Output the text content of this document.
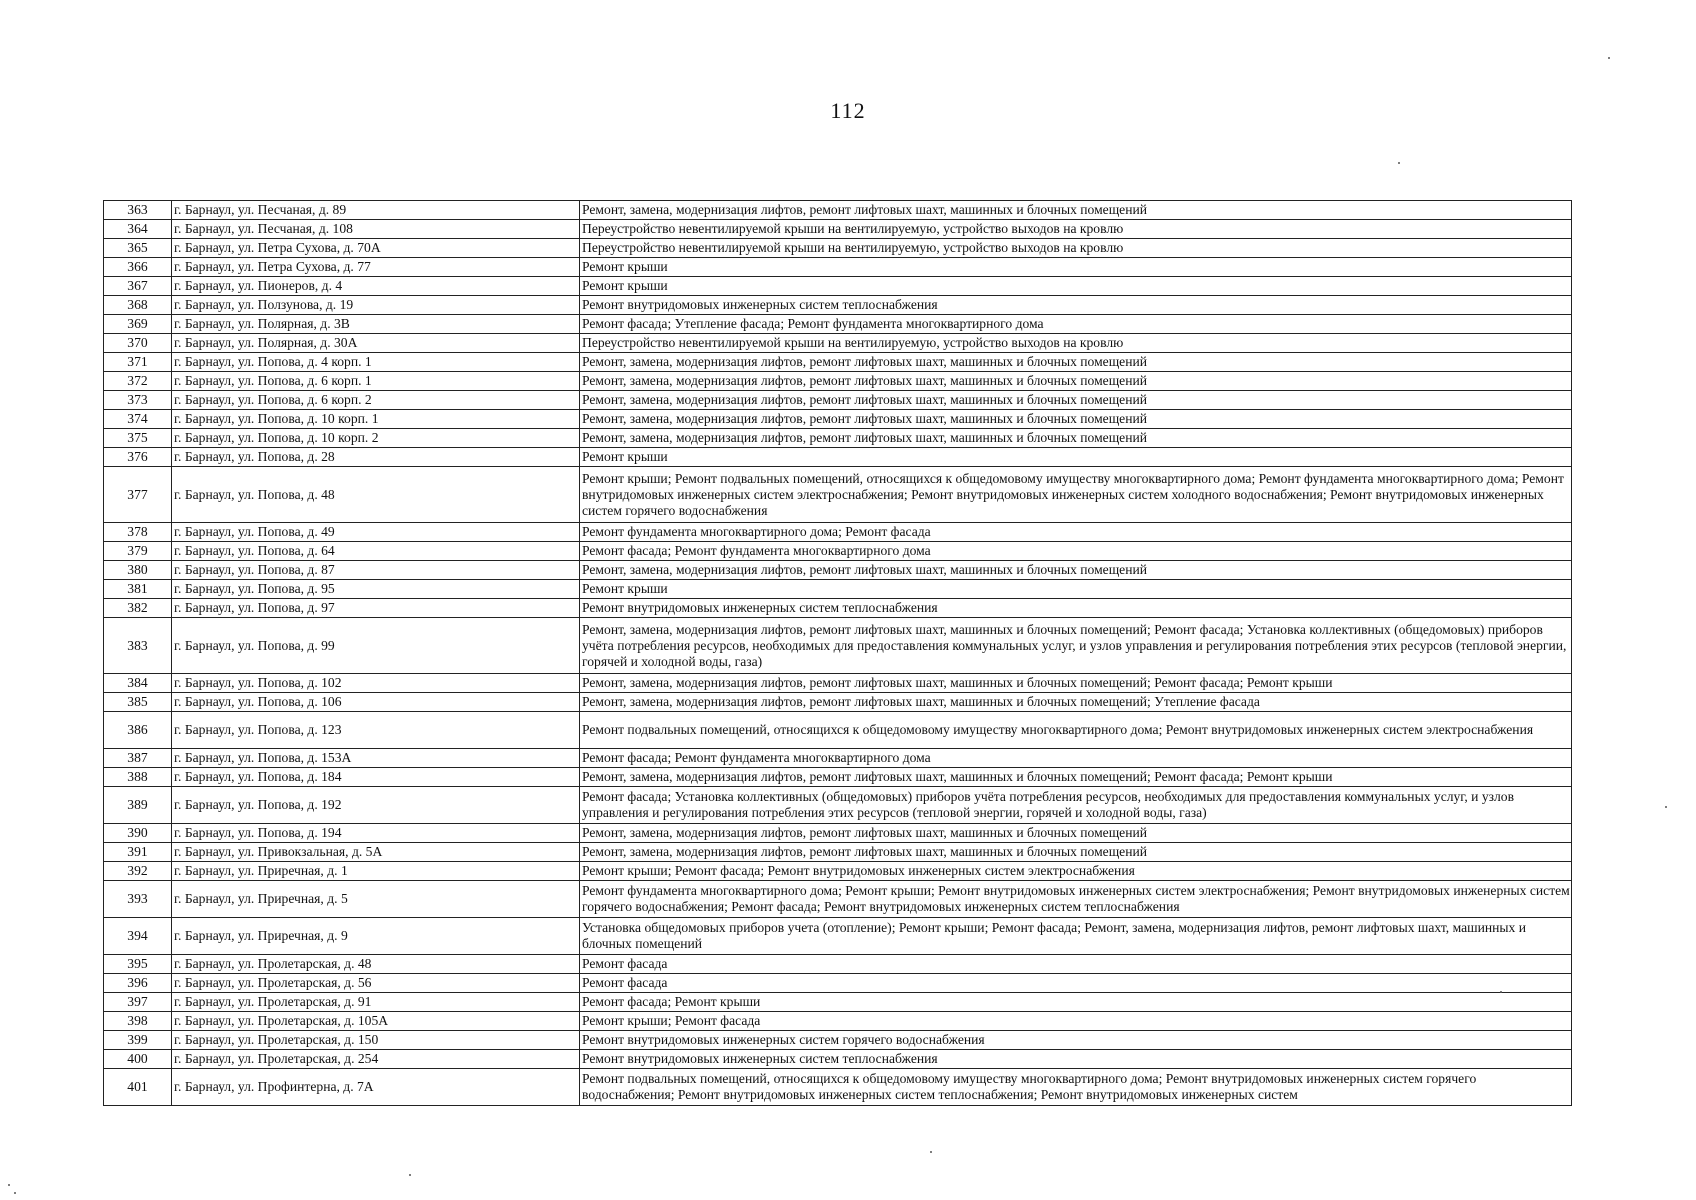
112
363	г. Барнаул, ул. Песчаная, д. 89	Ремонт, замена, модернизация лифтов, ремонт лифтовых шахт, машинных и блочных помещений
364	г. Барнаул, ул. Песчаная, д. 108	Переустройство невентилируемой крыши на вентилируемую, устройство выходов на кровлю
365	г. Барнаул, ул. Петра Сухова, д. 70А	Переустройство невентилируемой крыши на вентилируемую, устройство выходов на кровлю
366	г. Барнаул, ул. Петра Сухова, д. 77	Ремонт крыши
367	г. Барнаул, ул. Пионеров, д. 4	Ремонт крыши
368	г. Барнаул, ул. Ползунова, д. 19	Ремонт внутридомовых инженерных систем теплоснабжения
369	г. Барнаул, ул. Полярная, д. 3В	Ремонт фасада; Утепление фасада; Ремонт фундамента многоквартирного дома
370	г. Барнаул, ул. Полярная, д. 30А	Переустройство невентилируемой крыши на вентилируемую, устройство выходов на кровлю
371	г. Барнаул, ул. Попова, д. 4 корп. 1	Ремонт, замена, модернизация лифтов, ремонт лифтовых шахт, машинных и блочных помещений
372	г. Барнаул, ул. Попова, д. 6 корп. 1	Ремонт, замена, модернизация лифтов, ремонт лифтовых шахт, машинных и блочных помещений
373	г. Барнаул, ул. Попова, д. 6 корп. 2	Ремонт, замена, модернизация лифтов, ремонт лифтовых шахт, машинных и блочных помещений
374	г. Барнаул, ул. Попова, д. 10 корп. 1	Ремонт, замена, модернизация лифтов, ремонт лифтовых шахт, машинных и блочных помещений
375	г. Барнаул, ул. Попова, д. 10 корп. 2	Ремонт, замена, модернизация лифтов, ремонт лифтовых шахт, машинных и блочных помещений
376	г. Барнаул, ул. Попова, д. 28	Ремонт крыши
377	г. Барнаул, ул. Попова, д. 48	Ремонт крыши; Ремонт подвальных помещений, относящихся к общедомовому имуществу многоквартирного дома; Ремонт фундамента многоквартирного дома; Ремонт внутридомовых инженерных систем электроснабжения; Ремонт внутридомовых инженерных систем холодного водоснабжения; Ремонт внутридомовых инженерных систем горячего водоснабжения
378	г. Барнаул, ул. Попова, д. 49	Ремонт фундамента многоквартирного дома; Ремонт фасада
379	г. Барнаул, ул. Попова, д. 64	Ремонт фасада; Ремонт фундамента многоквартирного дома
380	г. Барнаул, ул. Попова, д. 87	Ремонт, замена, модернизация лифтов, ремонт лифтовых шахт, машинных и блочных помещений
381	г. Барнаул, ул. Попова, д. 95	Ремонт крыши
382	г. Барнаул, ул. Попова, д. 97	Ремонт внутридомовых инженерных систем теплоснабжения
383	г. Барнаул, ул. Попова, д. 99	Ремонт, замена, модернизация лифтов, ремонт лифтовых шахт, машинных и блочных помещений; Ремонт фасада; Установка коллективных (общедомовых) приборов учёта потребления ресурсов, необходимых для предоставления коммунальных услуг, и узлов управления и регулирования потребления этих ресурсов (тепловой энергии, горячей и холодной воды, газа)
384	г. Барнаул, ул. Попова, д. 102	Ремонт, замена, модернизация лифтов, ремонт лифтовых шахт, машинных и блочных помещений; Ремонт фасада; Ремонт крыши
385	г. Барнаул, ул. Попова, д. 106	Ремонт, замена, модернизация лифтов, ремонт лифтовых шахт, машинных и блочных помещений; Утепление фасада
386	г. Барнаул, ул. Попова, д. 123	Ремонт подвальных помещений, относящихся к общедомовому имуществу многоквартирного дома; Ремонт внутридомовых инженерных систем электроснабжения
387	г. Барнаул, ул. Попова, д. 153А	Ремонт фасада; Ремонт фундамента многоквартирного дома
388	г. Барнаул, ул. Попова, д. 184	Ремонт, замена, модернизация лифтов, ремонт лифтовых шахт, машинных и блочных помещений; Ремонт фасада; Ремонт крыши
389	г. Барнаул, ул. Попова, д. 192	Ремонт фасада; Установка коллективных (общедомовых) приборов учёта потребления ресурсов, необходимых для предоставления коммунальных услуг, и узлов управления и регулирования потребления этих ресурсов (тепловой энергии, горячей и холодной воды, газа)
390	г. Барнаул, ул. Попова, д. 194	Ремонт, замена, модернизация лифтов, ремонт лифтовых шахт, машинных и блочных помещений
391	г. Барнаул, ул. Привокзальная, д. 5А	Ремонт, замена, модернизация лифтов, ремонт лифтовых шахт, машинных и блочных помещений
392	г. Барнаул, ул. Приречная, д. 1	Ремонт крыши; Ремонт фасада; Ремонт внутридомовых инженерных систем электроснабжения
393	г. Барнаул, ул. Приречная, д. 5	Ремонт фундамента многоквартирного дома; Ремонт крыши; Ремонт внутридомовых инженерных систем электроснабжения; Ремонт внутридомовых инженерных систем горячего водоснабжения; Ремонт фасада; Ремонт внутридомовых инженерных систем теплоснабжения
394	г. Барнаул, ул. Приречная, д. 9	Установка общедомовых приборов учета (отопление); Ремонт крыши; Ремонт фасада; Ремонт, замена, модернизация лифтов, ремонт лифтовых шахт, машинных и блочных помещений
395	г. Барнаул, ул. Пролетарская, д. 48	Ремонт фасада
396	г. Барнаул, ул. Пролетарская, д. 56	Ремонт фасада
397	г. Барнаул, ул. Пролетарская, д. 91	Ремонт фасада; Ремонт крыши
398	г. Барнаул, ул. Пролетарская, д. 105А	Ремонт крыши; Ремонт фасада
399	г. Барнаул, ул. Пролетарская, д. 150	Ремонт внутридомовых инженерных систем горячего водоснабжения
400	г. Барнаул, ул. Пролетарская, д. 254	Ремонт внутридомовых инженерных систем теплоснабжения
401	г. Барнаул, ул. Профинтерна, д. 7А	Ремонт подвальных помещений, относящихся к общедомовому имуществу многоквартирного дома; Ремонт внутридомовых инженерных систем горячего водоснабжения; Ремонт внутридомовых инженерных систем теплоснабжения; Ремонт внутридомовых инженерных систем
